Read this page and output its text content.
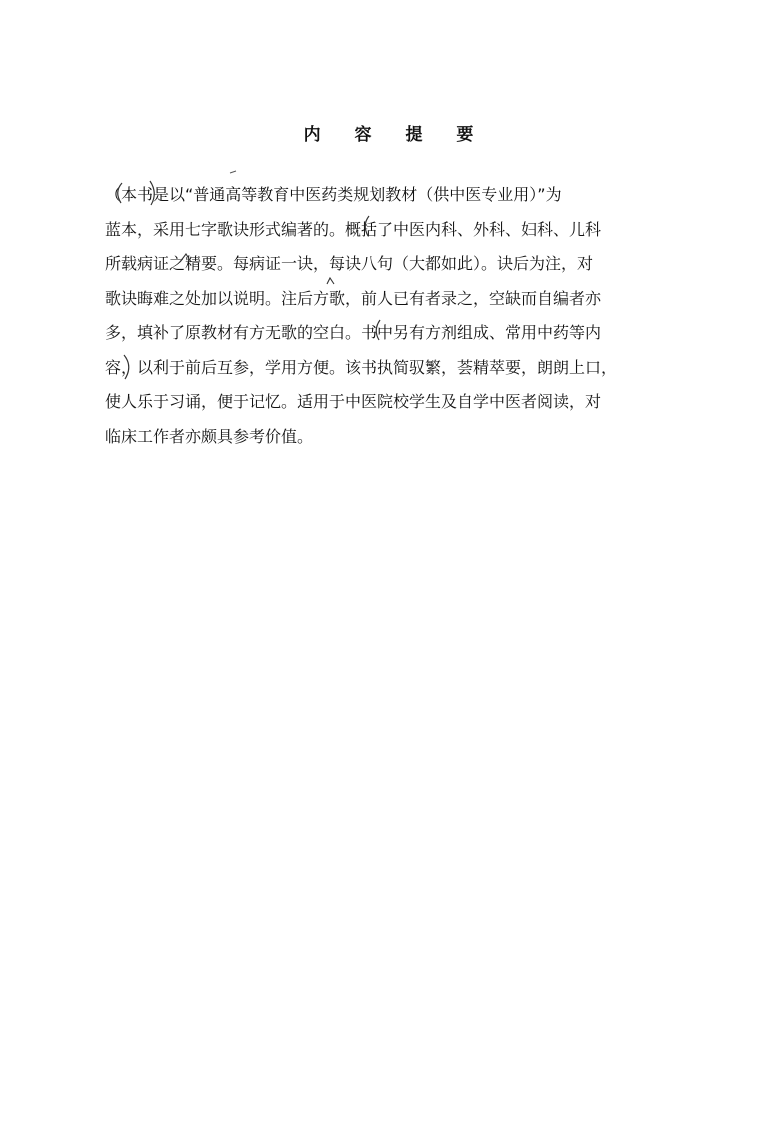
内 容 提 要
（本书是以“普通高等教育中医药类规划教材（供中医专业用）”为
蓝本，采用七字歌诀形式编著的。概括了中医内科、外科、妇科、儿科
所载病证之精要。每病证一诀，每诀八句（大都如此）。诀后为注，对
歌诀晦难之处加以说明。注后方歌，前人已有者录之，空缺而自编者亦
多，填补了原教材有方无歌的空白。书中另有方剂组成、常用中药等内
容，以利于前后互参，学用方便。该书执简驭繁，荟精萃要，朗朗上口，
使人乐于习诵，便于记忆。适用于中医院校学生及自学中医者阅读，对
临床工作者亦颇具参考价值。
